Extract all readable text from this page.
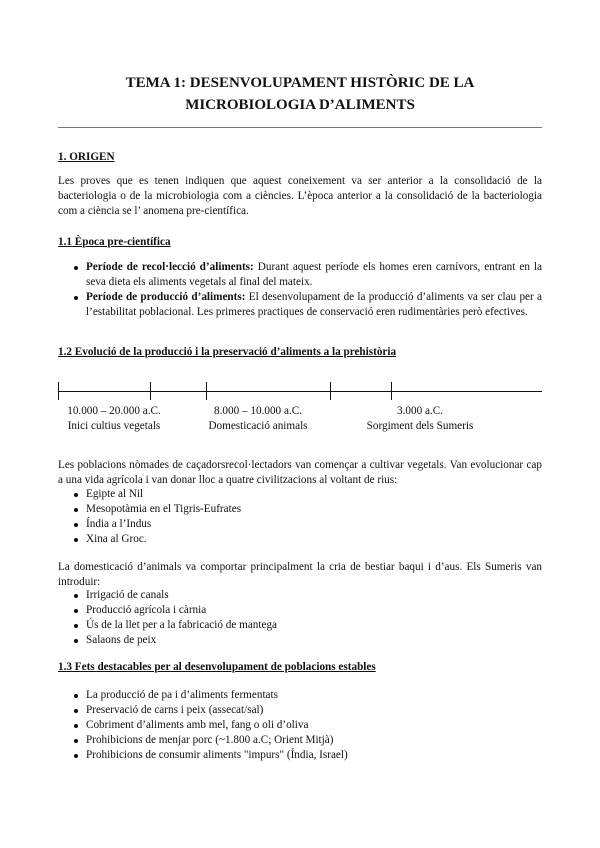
TEMA 1: DESENVOLUPAMENT HISTÒRIC DE LA
MICROBIOLOGIA D’ALIMENTS
1. ORIGEN
Les proves que es tenen indiquen que aquest coneixement va ser anterior a la consolidació de la bacteriologia o de la microbiologia com a ciències. L’època anterior a la consolidació de la bacteriologia com a ciència se l’ anomena pre-científica.
1.1 Època pre-científica
Període de recol·lecció d’aliments: Durant aquest període els homes eren carnívors, entrant en la seva dieta els aliments vegetals al final del mateix.
Període de producció d’aliments: El desenvolupament de la producció d’aliments va ser clau per a l’estabilitat poblacional. Les primeres practiques de conservació eren rudimentàries però efectives.
1.2 Evolució de la producció i la preservació d’aliments a la prehistòria
10.000 – 20.000 a.C.
Inici cultius vegetals
8.000 – 10.000 a.C.
Domesticació animals
3.000 a.C.
Sorgiment dels Sumeris
Les poblacions nòmades de caçadorsrecol·lectadors van començar a cultivar vegetals. Van evolucionar cap a una vida agrícola i van donar lloc a quatre civilitzacions al voltant de rius:
Egipte al Nil
Mesopotàmia en el Tigris-Eufrates
Índia a l’Indus
Xina al Groc.
La domesticació d’animals va comportar principalment la cria de bestiar baqui i d’aus. Els Sumeris van introduir:
Irrigació de canals
Producció agrícola i càrnia
Ús de la llet per a la fabricació de mantega
Salaons de peix
1.3 Fets destacables per al desenvolupament de poblacions estables
La producció de pa i d’aliments fermentats
Preservació de carns i peix (assecat/sal)
Cobriment d’aliments amb mel, fang o oli d’oliva
Prohibicions de menjar porc (~1.800 a.C; Orient Mitjà)
Prohibicions de consumir aliments "impurs" (Índia, Israel)
